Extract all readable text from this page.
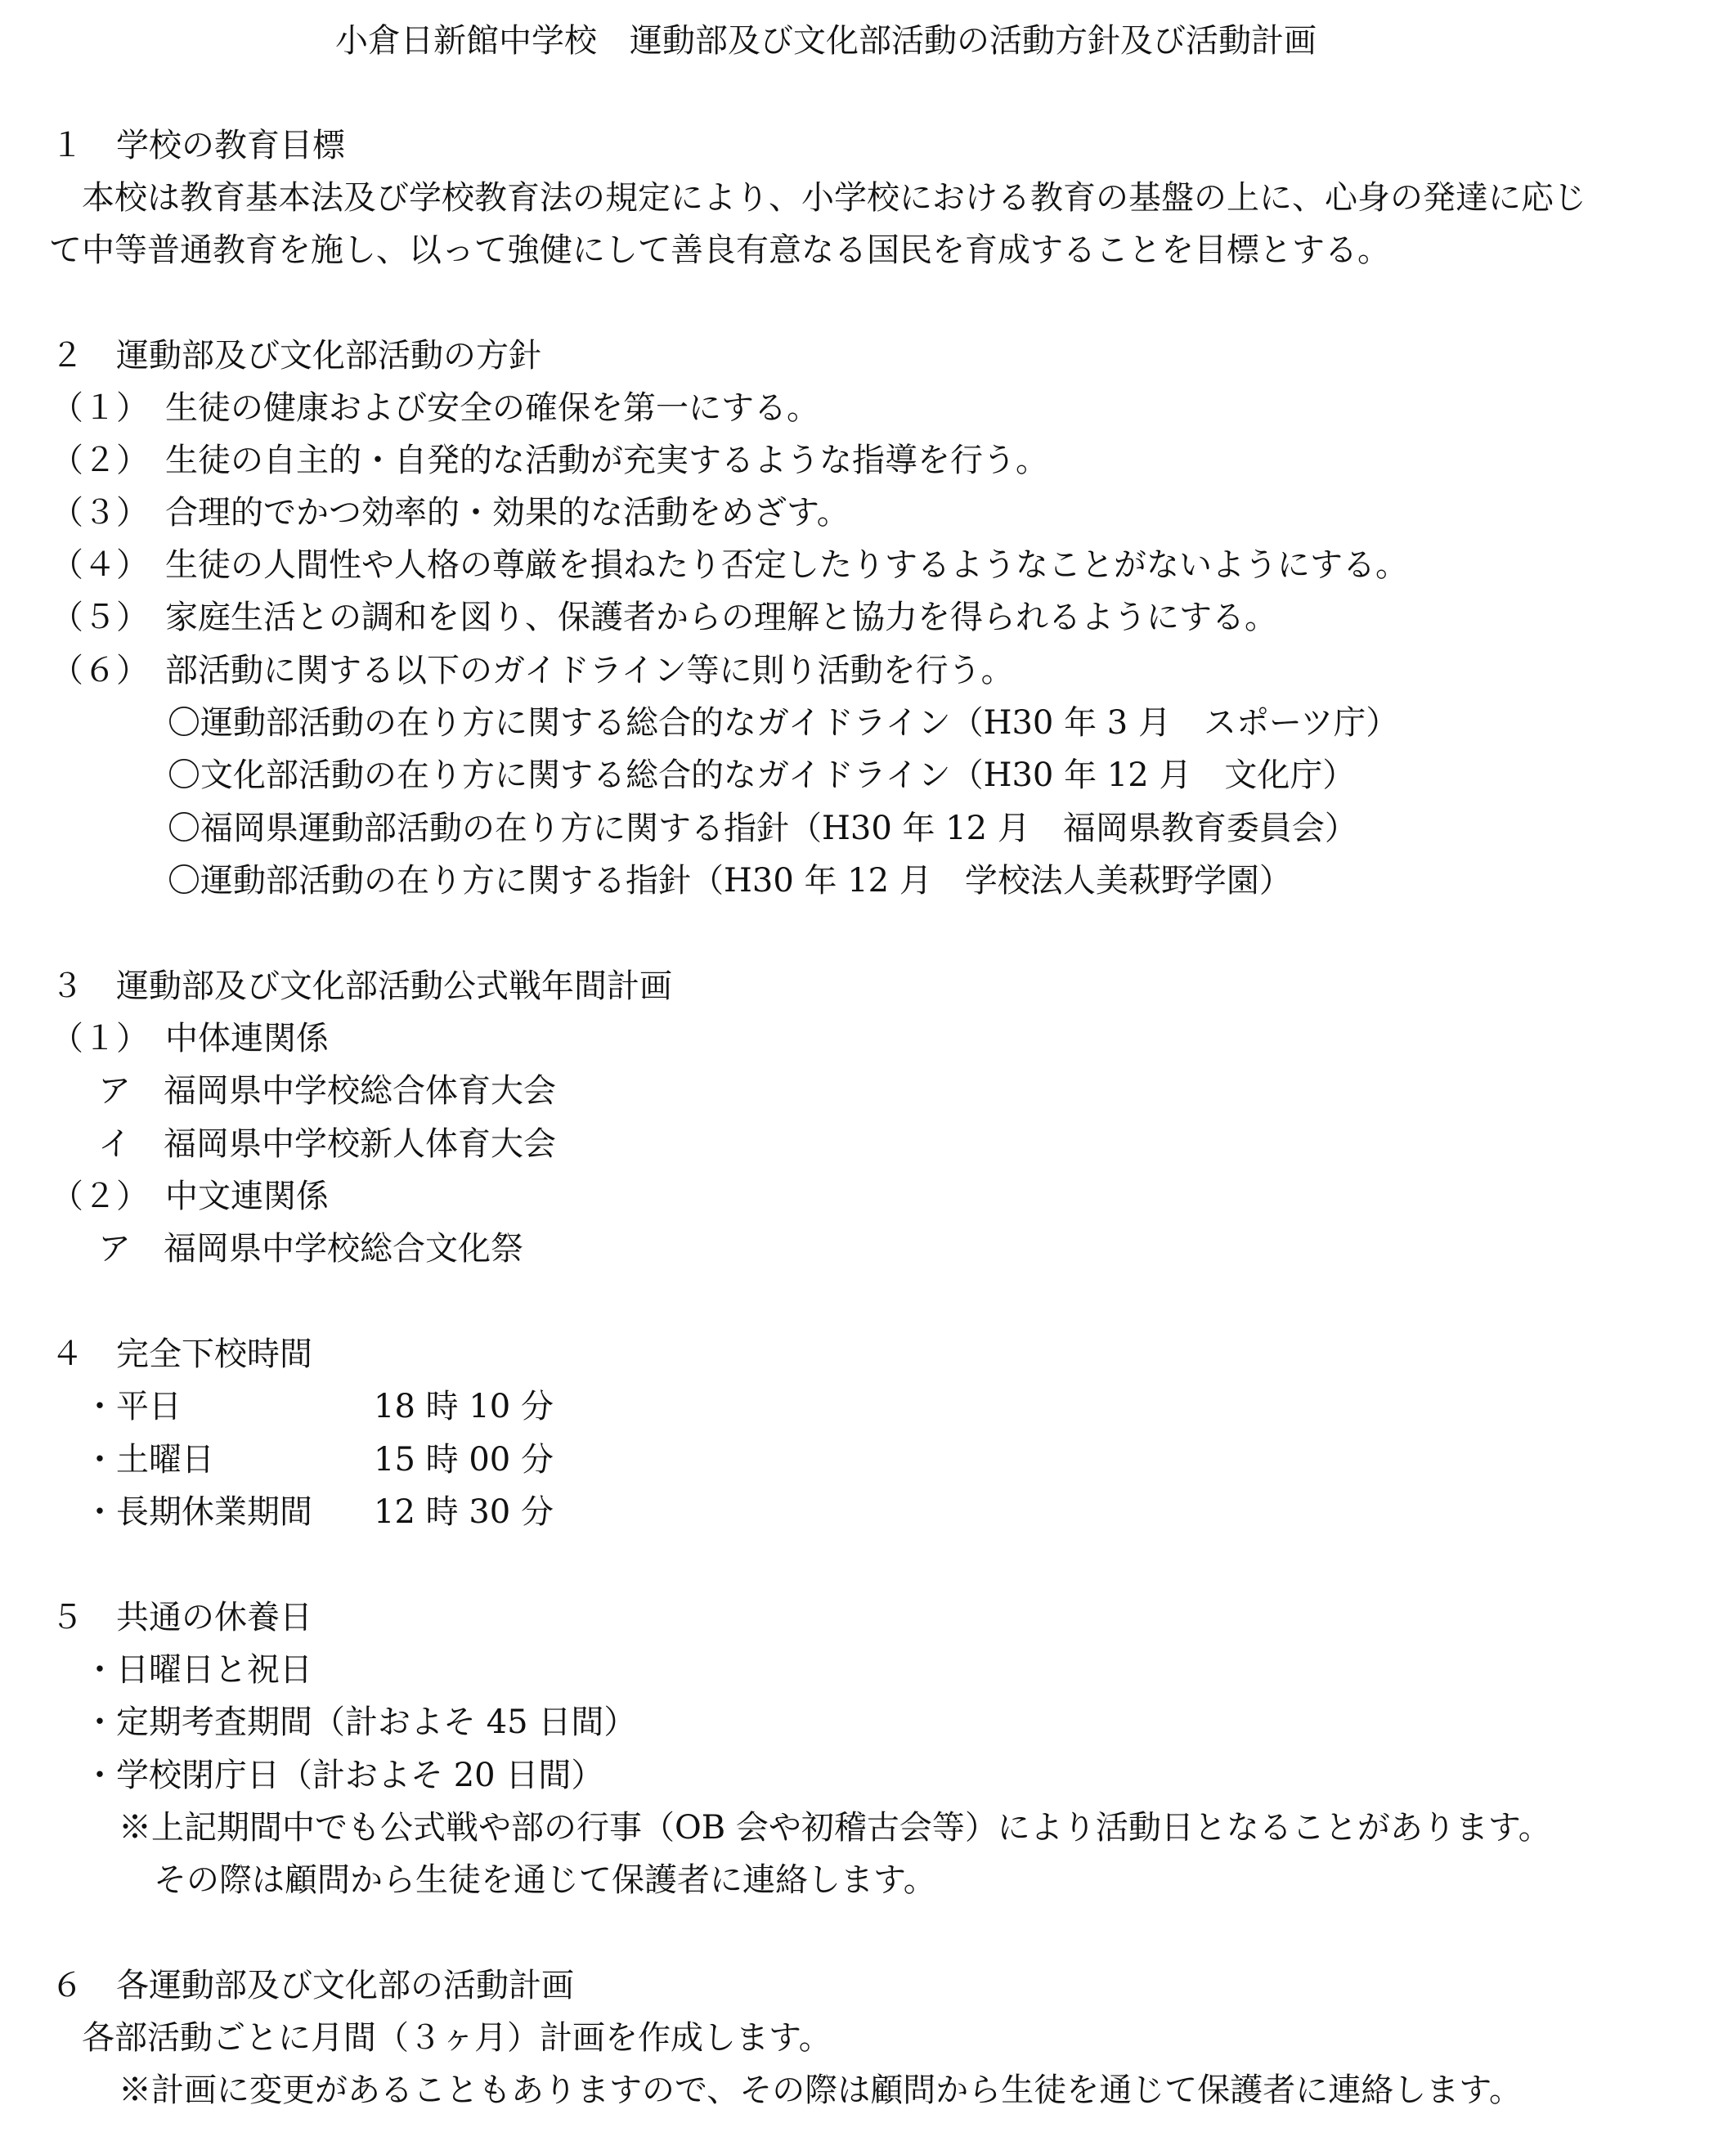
小倉日新館中学校　運動部及び文化部活動の活動方針及び活動計画
１　学校の教育目標
本校は教育基本法及び学校教育法の規定により、小学校における教育の基盤の上に、心身の発達に応じ
て中等普通教育を施し、以って強健にして善良有意なる国民を育成することを目標とする。
２　運動部及び文化部活動の方針
（１）　生徒の健康および安全の確保を第一にする。
（２）　生徒の自主的・自発的な活動が充実するような指導を行う。
（３）　合理的でかつ効率的・効果的な活動をめざす。
（４）　生徒の人間性や人格の尊厳を損ねたり否定したりするようなことがないようにする。
（５）　家庭生活との調和を図り、保護者からの理解と協力を得られるようにする。
（６）　部活動に関する以下のガイドライン等に則り活動を行う。
〇運動部活動の在り方に関する総合的なガイドライン（H30 年 3 月　スポーツ庁）
〇文化部活動の在り方に関する総合的なガイドライン（H30 年 12 月　文化庁）
〇福岡県運動部活動の在り方に関する指針（H30 年 12 月　福岡県教育委員会）
〇運動部活動の在り方に関する指針（H30 年 12 月　学校法人美萩野学園）
３　運動部及び文化部活動公式戦年間計画
（１）　中体連関係
ア　福岡県中学校総合体育大会
イ　福岡県中学校新人体育大会
（２）　中文連関係
ア　福岡県中学校総合文化祭
４　完全下校時間
・平日	18 時 10 分
・土曜日	15 時 00 分
・長期休業期間 12 時 30 分
５　共通の休養日
・日曜日と祝日
・定期考査期間（計およそ 45 日間）
・学校閉庁日（計およそ 20 日間）
※上記期間中でも公式戦や部の行事（OB 会や初稽古会等）により活動日となることがあります。
その際は顧問から生徒を通じて保護者に連絡します。
６　各運動部及び文化部の活動計画
各部活動ごとに月間（３ヶ月）計画を作成します。
※計画に変更があることもありますので、その際は顧問から生徒を通じて保護者に連絡します。
